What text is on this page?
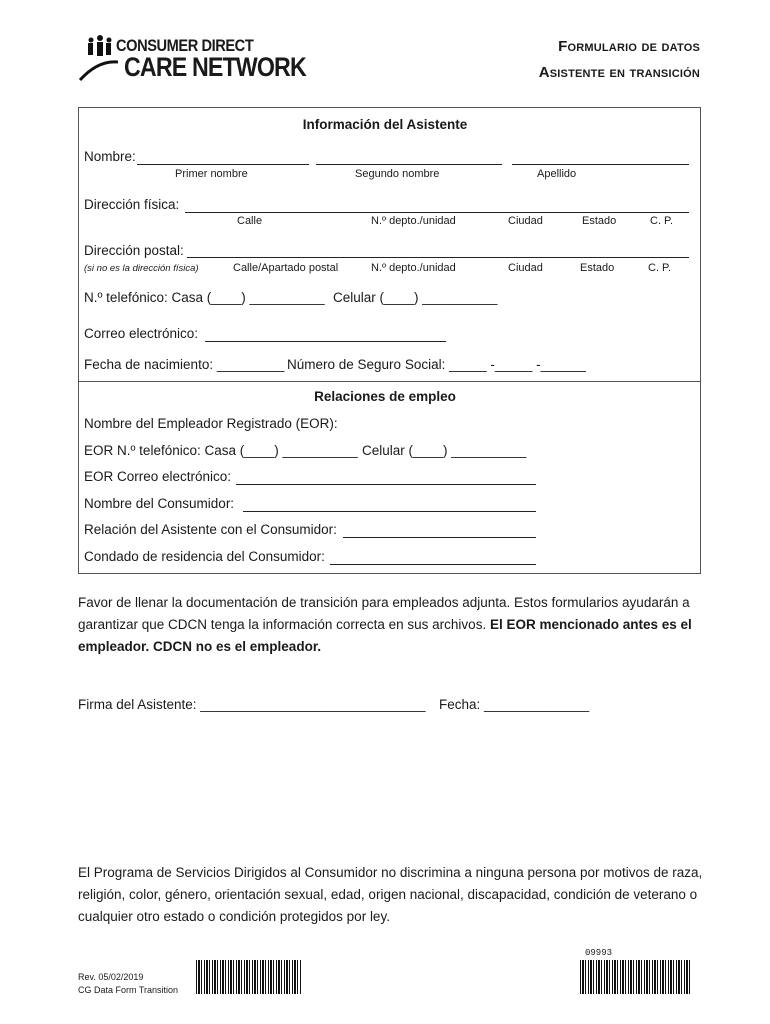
CONSUMER DIRECT
CARE NETWORK
Formulario de datos
Asistente en transición
Información del Asistente
Nombre:
Primer nombre	Segundo nombre	Apellido
Dirección física:
Calle	N.º depto./unidad	Ciudad	Estado	C. P.
Dirección postal:
(si no es la dirección física)	Calle/Apartado postal	N.º depto./unidad	Ciudad	Estado	C. P.
N.º telefónico: Casa (____) __________ Celular (____) __________
Correo electrónico:
Fecha de nacimiento: _________ Número de Seguro Social: _____ -_____ -______
Relaciones de empleo
Nombre del Empleador Registrado (EOR):
EOR N.º telefónico: Casa (____) __________ Celular (____) __________
EOR Correo electrónico:
Nombre del Consumidor:
Relación del Asistente con el Consumidor:
Condado de residencia del Consumidor:
Favor de llenar la documentación de transición para empleados adjunta. Estos formularios ayudarán a garantizar que CDCN tenga la información correcta en sus archivos. El EOR mencionado antes es el empleador. CDCN no es el empleador.
Firma del Asistente: ______________________________ Fecha: ______________
El Programa de Servicios Dirigidos al Consumidor no discrimina a ninguna persona por motivos de raza, religión, color, género, orientación sexual, edad, origen nacional, discapacidad, condición de veterano o cualquier otro estado o condición protegidos por ley.
Rev. 05/02/2019
CG Data Form Transition
09993
